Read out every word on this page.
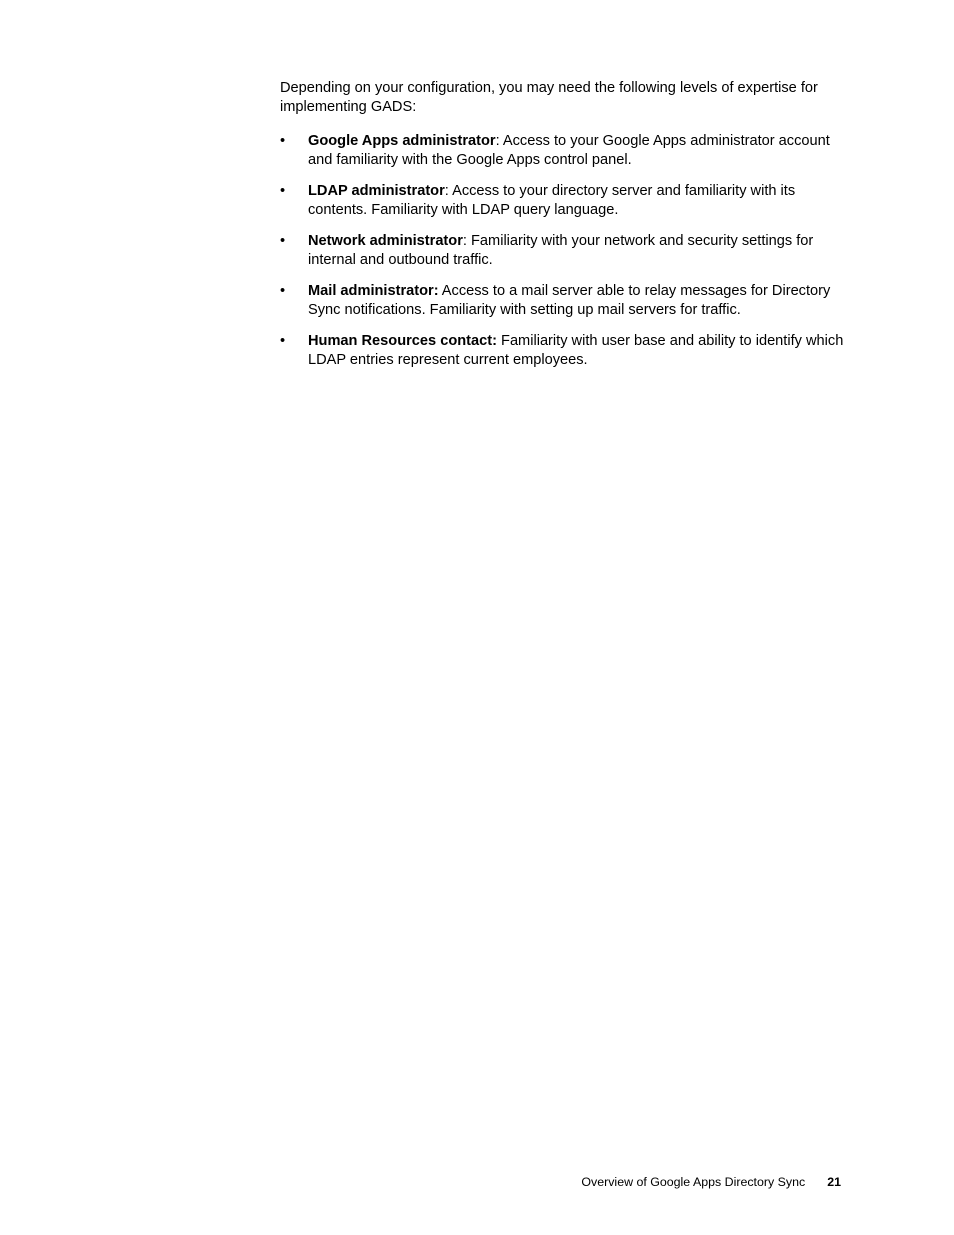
Depending on your configuration, you may need the following levels of expertise for implementing GADS:

•	Google Apps administrator: Access to your Google Apps administrator account and familiarity with the Google Apps control panel.
•	LDAP administrator: Access to your directory server and familiarity with its contents. Familiarity with LDAP query language.
•	Network administrator: Familiarity with your network and security settings for internal and outbound traffic.
•	Mail administrator: Access to a mail server able to relay messages for Directory Sync notifications. Familiarity with setting up mail servers for traffic.
•	Human Resources contact: Familiarity with user base and ability to identify which LDAP entries represent current employees.
Overview of Google Apps Directory Sync 21
